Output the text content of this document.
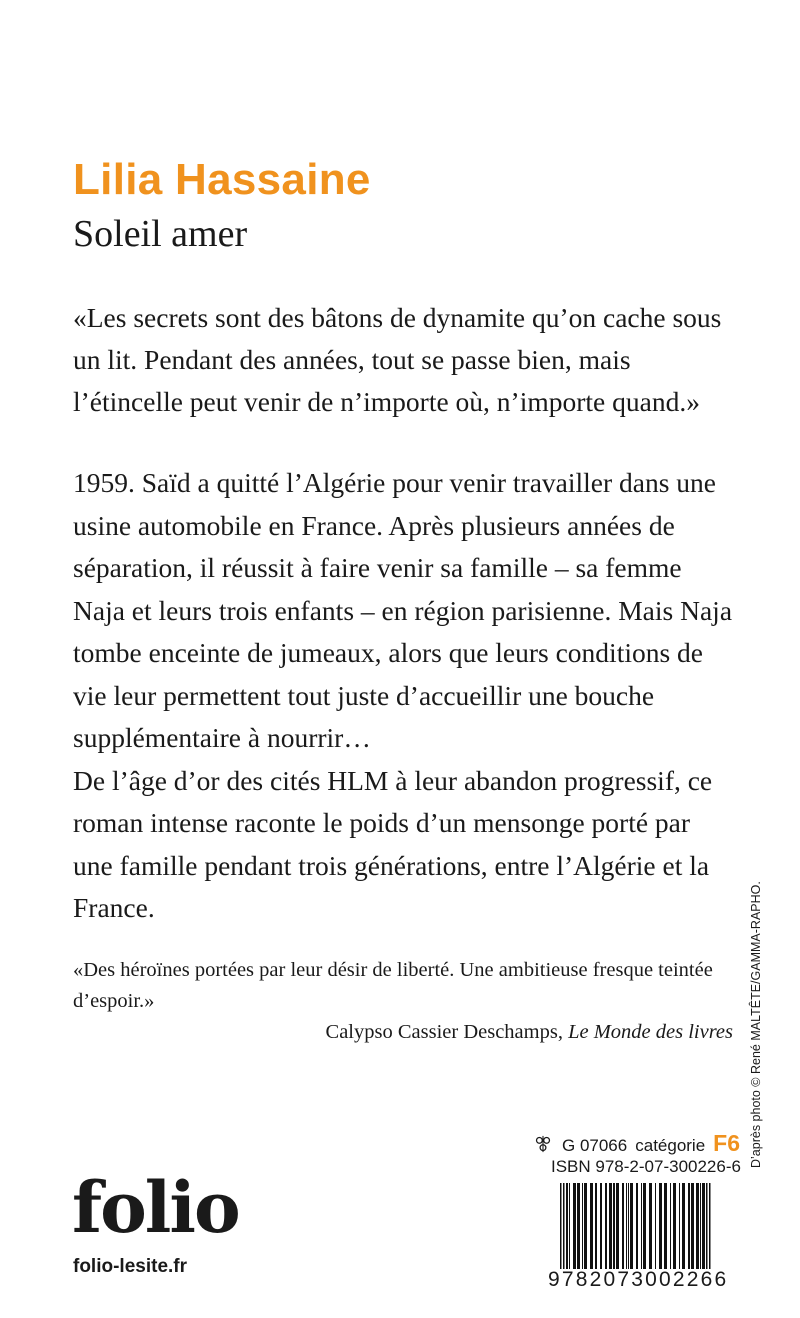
Lilia Hassaine
Soleil amer

«Les secrets sont des bâtons de dynamite qu’on cache sous un lit. Pendant des années, tout se passe bien, mais l’étincelle peut venir de n’importe où, n’importe quand.»

1959. Saïd a quitté l’Algérie pour venir travailler dans une usine automobile en France. Après plusieurs années de séparation, il réussit à faire venir sa famille – sa femme Naja et leurs trois enfants – en région parisienne. Mais Naja tombe enceinte de jumeaux, alors que leurs conditions de vie leur permettent tout juste d’accueillir une bouche supplémentaire à nourrir…

De l’âge d’or des cités HLM à leur abandon progressif, ce roman intense raconte le poids d’un mensonge porté par une famille pendant trois générations, entre l’Algérie et la France.

«Des héroïnes portées par leur désir de liberté. Une ambitieuse fresque teintée d’espoir.»

Calypso Cassier Deschamps, Le Monde des livres

G 07066 catégorie F6
ISBN 978-2-07-300226-6
9782073002266
folio
folio-lesite.fr
D’après photo © René MALTÊTE/GAMMA-RAPHO.
